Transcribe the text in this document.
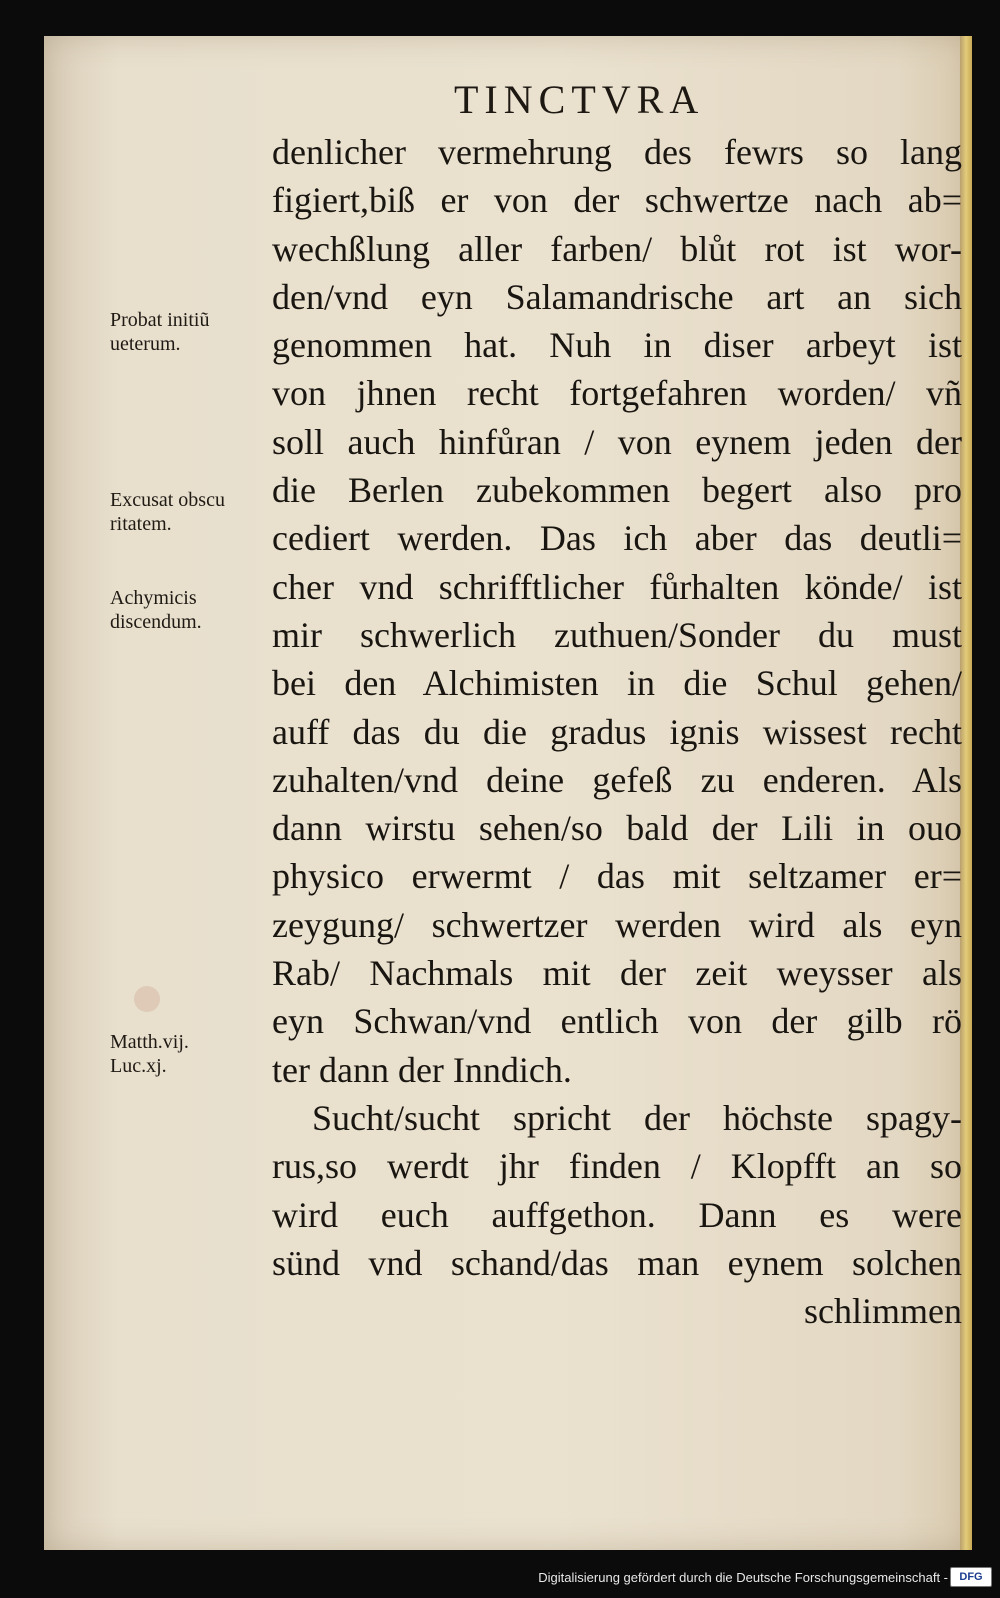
TINCTVRA
denlicher vermehrung des fewrs so lang
figiert,biß er von der schwertze nach ab=
wechßlung aller farben/ blůt rot ist wor-
den/vnd eyn Salamandrische art an sich
genommen hat. Nuh in diser arbeyt ist
von jhnen recht fortgefahren worden/ vñ
soll auch hinfůran / von eynem jeden der
die Berlen zubekommen begert also pro
cediert werden. Das ich aber das deutli=
cher vnd schrifftlicher fůrhalten könde/ ist
mir schwerlich zuthuen/Sonder du must
bei den Alchimisten in die Schul gehen/
auff das du die gradus ignis wissest recht
zuhalten/vnd deine gefeß zu enderen. Als
dann wirstu sehen/so bald der Lili in ouo
physico erwermt / das mit seltzamer er=
zeygung/ schwertzer werden wird als eyn
Rab/ Nachmals mit der zeit weysser als
eyn Schwan/vnd entlich von der gilb rö
ter dann der Inndich.
Sucht/sucht spricht der höchste spagy-
rus,so werdt jhr finden / Klopfft an so
wird euch auffgethon. Dann es were
sünd vnd schand/das man eynem solchen
schlimmen
Probat initiũ
ueterum.
Excusat obscu
ritatem.
Achymicis
discendum.
Matth.vij.
Luc.xj.
Digitalisierung gefördert durch die Deutsche Forschungsgemeinschaft -	DFG
